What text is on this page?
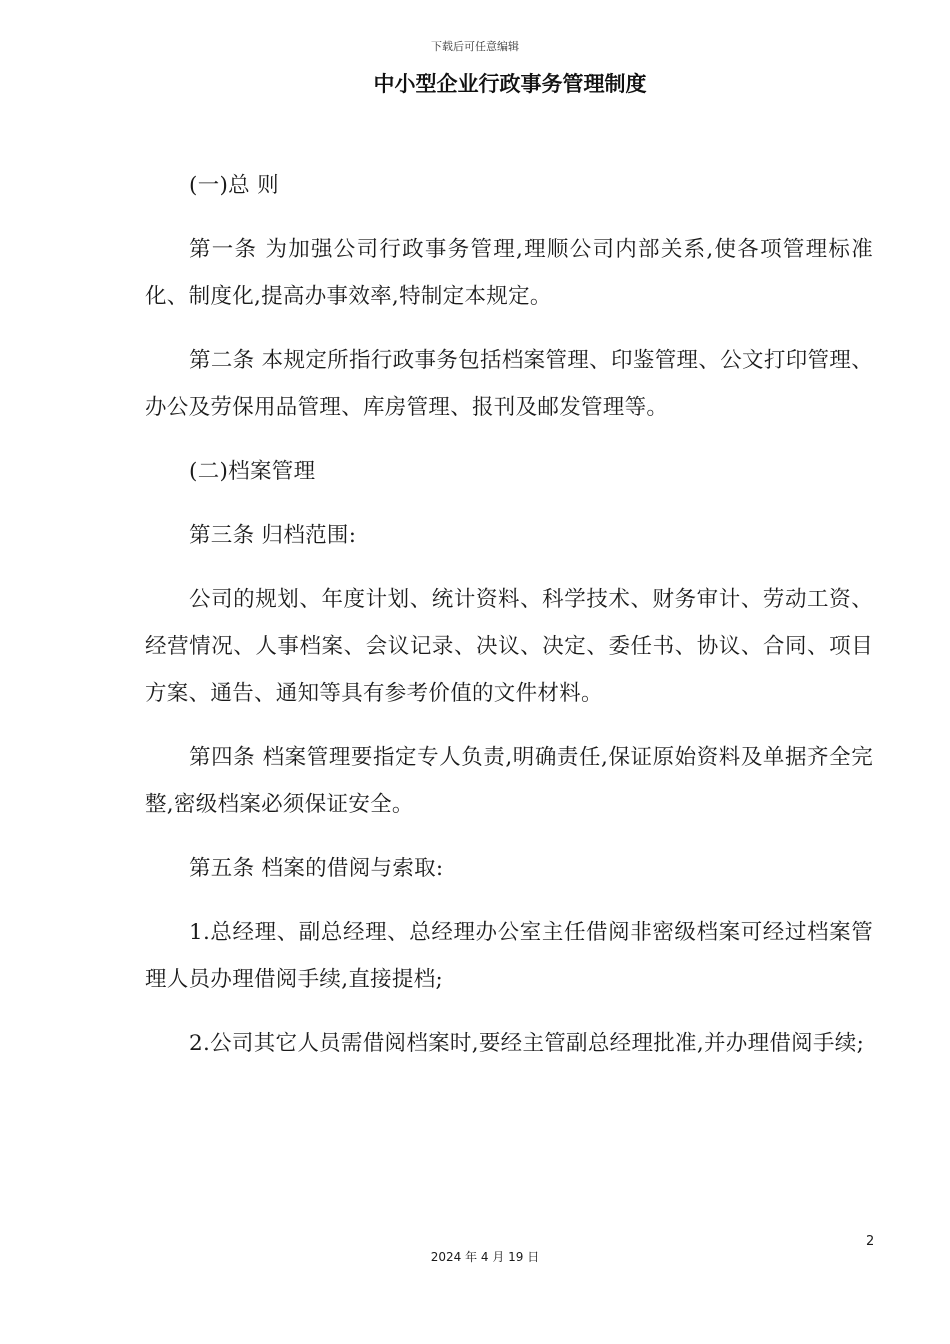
下载后可任意编辑
中小型企业行政事务管理制度

(一)总 则

第一条 为加强公司行政事务管理,理顺公司内部关系,使各项管理标准化、制度化,提高办事效率,特制定本规定。

第二条 本规定所指行政事务包括档案管理、印鉴管理、公文打印管理、办公及劳保用品管理、库房管理、报刊及邮发管理等。

(二)档案管理

第三条 归档范围:

公司的规划、年度计划、统计资料、科学技术、财务审计、劳动工资、经营情况、人事档案、会议记录、决议、决定、委任书、协议、合同、项目方案、通告、通知等具有参考价值的文件材料。

第四条 档案管理要指定专人负责,明确责任,保证原始资料及单据齐全完整,密级档案必须保证安全。

第五条 档案的借阅与索取:

1.总经理、副总经理、总经理办公室主任借阅非密级档案可经过档案管理人员办理借阅手续,直接提档;

2.公司其它人员需借阅档案时,要经主管副总经理批准,并办理借阅手续;

2
2024 年 4 月 19 日
